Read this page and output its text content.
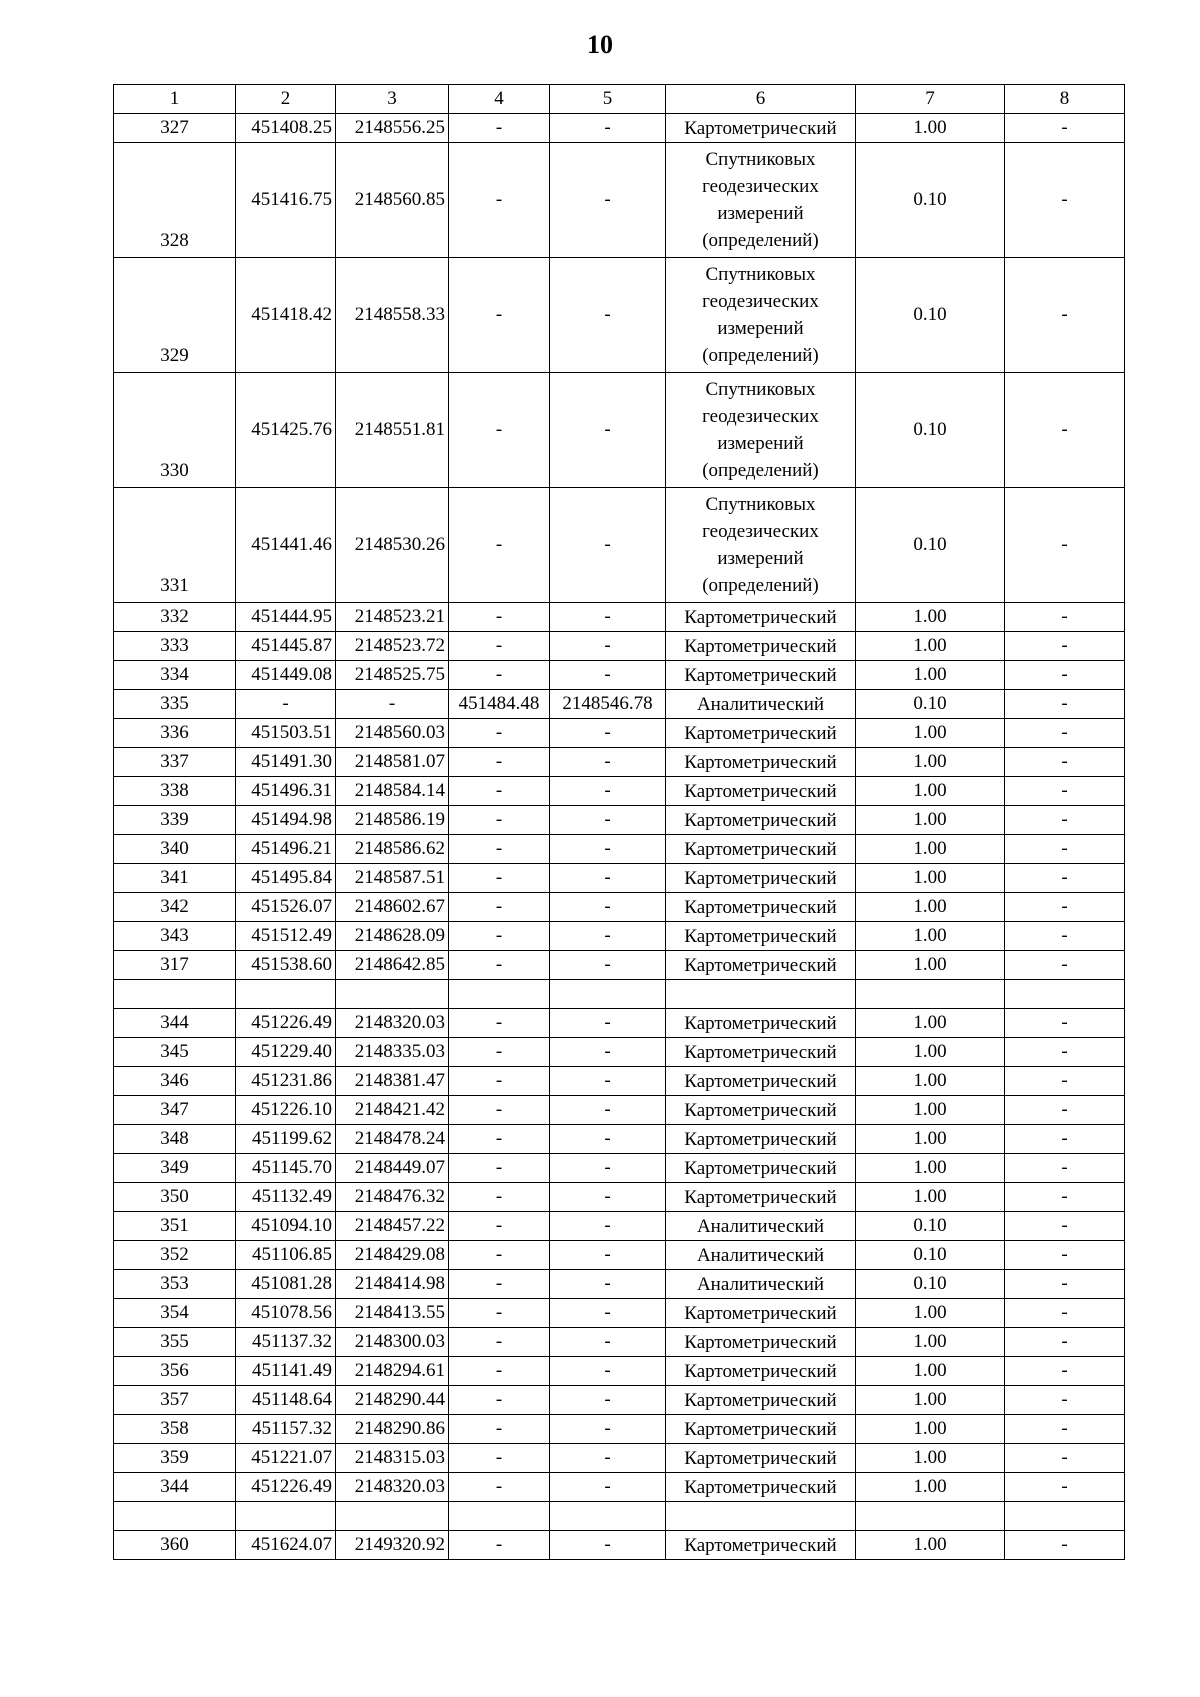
10
1	2	3	4	5	6	7	8
327	451408.25	2148556.25	-	-	Картометрический	1.00	-
328	451416.75	2148560.85	-	-	Спутниковых геодезических измерений (определений)	0.10	-
329	451418.42	2148558.33	-	-	Спутниковых геодезических измерений (определений)	0.10	-
330	451425.76	2148551.81	-	-	Спутниковых геодезических измерений (определений)	0.10	-
331	451441.46	2148530.26	-	-	Спутниковых геодезических измерений (определений)	0.10	-
332	451444.95	2148523.21	-	-	Картометрический	1.00	-
333	451445.87	2148523.72	-	-	Картометрический	1.00	-
334	451449.08	2148525.75	-	-	Картометрический	1.00	-
335	-	-	451484.48	2148546.78	Аналитический	0.10	-
336	451503.51	2148560.03	-	-	Картометрический	1.00	-
337	451491.30	2148581.07	-	-	Картометрический	1.00	-
338	451496.31	2148584.14	-	-	Картометрический	1.00	-
339	451494.98	2148586.19	-	-	Картометрический	1.00	-
340	451496.21	2148586.62	-	-	Картометрический	1.00	-
341	451495.84	2148587.51	-	-	Картометрический	1.00	-
342	451526.07	2148602.67	-	-	Картометрический	1.00	-
343	451512.49	2148628.09	-	-	Картометрический	1.00	-
317	451538.60	2148642.85	-	-	Картометрический	1.00	-

344	451226.49	2148320.03	-	-	Картометрический	1.00	-
345	451229.40	2148335.03	-	-	Картометрический	1.00	-
346	451231.86	2148381.47	-	-	Картометрический	1.00	-
347	451226.10	2148421.42	-	-	Картометрический	1.00	-
348	451199.62	2148478.24	-	-	Картометрический	1.00	-
349	451145.70	2148449.07	-	-	Картометрический	1.00	-
350	451132.49	2148476.32	-	-	Картометрический	1.00	-
351	451094.10	2148457.22	-	-	Аналитический	0.10	-
352	451106.85	2148429.08	-	-	Аналитический	0.10	-
353	451081.28	2148414.98	-	-	Аналитический	0.10	-
354	451078.56	2148413.55	-	-	Картометрический	1.00	-
355	451137.32	2148300.03	-	-	Картометрический	1.00	-
356	451141.49	2148294.61	-	-	Картометрический	1.00	-
357	451148.64	2148290.44	-	-	Картометрический	1.00	-
358	451157.32	2148290.86	-	-	Картометрический	1.00	-
359	451221.07	2148315.03	-	-	Картометрический	1.00	-
344	451226.49	2148320.03	-	-	Картометрический	1.00	-

360	451624.07	2149320.92	-	-	Картометрический	1.00	-
